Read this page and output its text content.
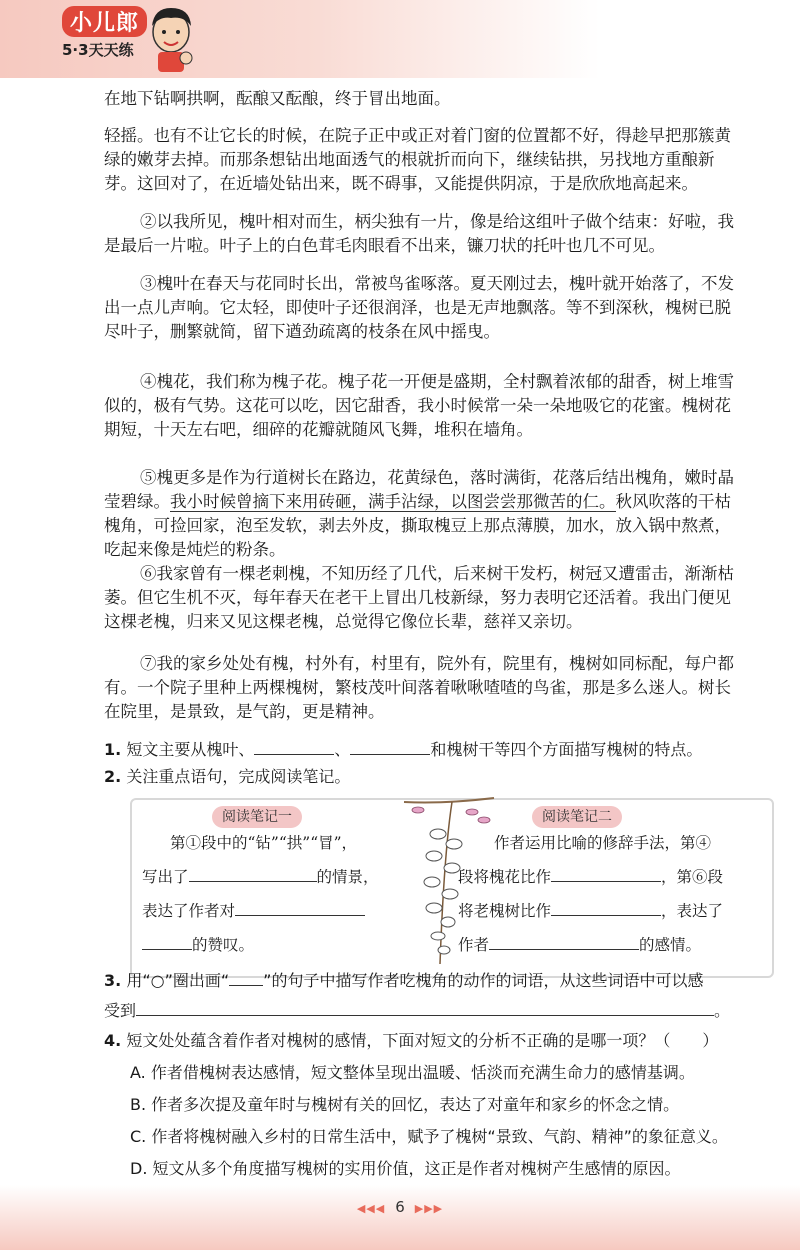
小儿郎
5·3天天练
在地下钻啊拱啊，酝酿又酝酿，终于冒出地面。
轻摇。也有不让它长的时候，在院子正中或正对着门窗的位置都不好，得趁早把那簇黄绿的嫩芽去掉。而那条想钻出地面透气的根就折而向下，继续钻拱，另找地方重酿新芽。这回对了，在近墙处钻出来，既不碍事，又能提供阴凉，于是欣欣地高起来。
②以我所见，槐叶相对而生，柄尖独有一片，像是给这组叶子做个结束：好啦，我是最后一片啦。叶子上的白色茸毛肉眼看不出来，镰刀状的托叶也几不可见。
③槐叶在春天与花同时长出，常被鸟雀啄落。夏天刚过去，槐叶就开始落了，不发出一点儿声响。它太轻，即使叶子还很润泽，也是无声地飘落。等不到深秋，槐树已脱尽叶子，删繁就简，留下遒劲疏离的枝条在风中摇曳。
④槐花，我们称为槐子花。槐子花一开便是盛期，全村飘着浓郁的甜香，树上堆雪似的，极有气势。这花可以吃，因它甜香，我小时候常一朵一朵地吸它的花蜜。槐树花期短，十天左右吧，细碎的花瓣就随风飞舞，堆积在墙角。
⑤槐更多是作为行道树长在路边，花黄绿色，落时满街，花落后结出槐角，嫩时晶莹碧绿。我小时候曾摘下来用砖砸，满手沾绿，以图尝尝那微苦的仁。秋风吹落的干枯槐角，可捡回家，泡至发软，剥去外皮，撕取槐豆上那点薄膜，加水，放入锅中熬煮，吃起来像是炖烂的粉条。
⑥我家曾有一棵老刺槐，不知历经了几代，后来树干发朽，树冠又遭雷击，渐渐枯萎。但它生机不灭，每年春天在老干上冒出几枝新绿，努力表明它还活着。我出门便见这棵老槐，归来又见这棵老槐，总觉得它像位长辈，慈祥又亲切。
⑦我的家乡处处有槐，村外有，村里有，院外有，院里有，槐树如同标配，每户都有。一个院子里种上两棵槐树，繁枝茂叶间落着啾啾喳喳的鸟雀，那是多么迷人。树长在院里，是景致，是气韵，更是精神。
1. 短文主要从槐叶、	、	和槐树干等四个方面描写槐树的特点。
2. 关注重点语句，完成阅读笔记。
阅读笔记一	阅读笔记二
第①段中的“钻”“拱”“冒”，
写出了	的情景，
表达了作者对
的赞叹。
作者运用比喻的修辞手法，第④
段将槐花比作	，第⑥段
将老槐树比作	，表达了
作者	的感情。
3. 用“○”圈出画“ ”的句子中描写作者吃槐角的动作的词语，从这些词语中可以感
受到	。
4. 短文处处蕴含着作者对槐树的感情，下面对短文的分析不正确的是哪一项？（　　）
A. 作者借槐树表达感情，短文整体呈现出温暖、恬淡而充满生命力的感情基调。
B. 作者多次提及童年时与槐树有关的回忆，表达了对童年和家乡的怀念之情。
C. 作者将槐树融入乡村的日常生活中，赋予了槐树“景致、气韵、精神”的象征意义。
D. 短文从多个角度描写槐树的实用价值，这正是作者对槐树产生感情的原因。
◀◀◀ 6 ▶▶▶
